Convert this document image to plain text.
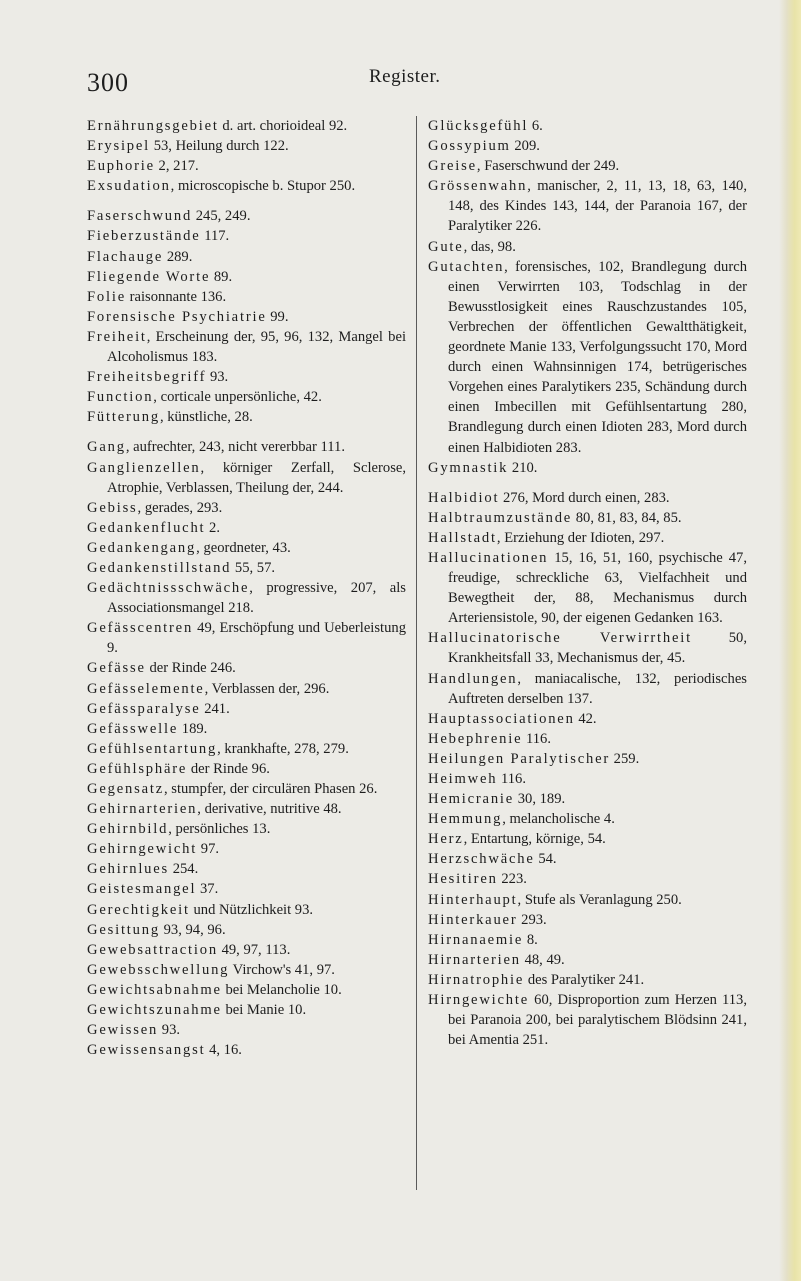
300	Register.
Ernährungsgebiet d. art. chorioideal 92.
Erysipel 53, Heilung durch 122.
Euphorie 2, 217.
Exsudation, microscopische b. Stupor 250.
Faserschwund 245, 249.
Fieberzustände 117.
Flachauge 289.
Fliegende Worte 89.
Folie raisonnante 136.
Forensische Psychiatrie 99.
Freiheit, Erscheinung der, 95, 96, 132, Mangel bei Alcoholismus 183.
Freiheitsbegriff 93.
Function, corticale unpersönliche, 42.
Fütterung, künstliche, 28.
Gang, aufrechter, 243, nicht vererbbar 111.
Ganglienzellen, körniger Zerfall, Sclerose, Atrophie, Verblassen, Theilung der, 244.
Gebiss, gerades, 293.
Gedankenflucht 2.
Gedankengang, geordneter, 43.
Gedankenstillstand 55, 57.
Gedächtnissschwäche, progressive, 207, als Associationsmangel 218.
Gefässcentren 49, Erschöpfung und Ueberleistung 9.
Gefässe der Rinde 246.
Gefässelemente, Verblassen der, 296.
Gefässparalyse 241.
Gefässwelle 189.
Gefühlsentartung, krankhafte, 278, 279.
Gefühlsphäre der Rinde 96.
Gegensatz, stumpfer, der circulären Phasen 26.
Gehirnarterien, derivative, nutritive 48.
Gehirnbild, persönliches 13.
Gehirngewicht 97.
Gehirnlues 254.
Geistesmangel 37.
Gerechtigkeit und Nützlichkeit 93.
Gesittung 93, 94, 96.
Gewebsattraction 49, 97, 113.
Gewebsschwellung Virchow's 41, 97.
Gewichtsabnahme bei Melancholie 10.
Gewichtszunahme bei Manie 10.
Gewissen 93.
Gewissensangst 4, 16.
Glücksgefühl 6.
Gossypium 209.
Greise, Faserschwund der 249.
Grössenwahn, manischer, 2, 11, 13, 18, 63, 140, 148, des Kindes 143, 144, der Paranoia 167, der Paralytiker 226.
Gute, das, 98.
Gutachten, forensisches, 102, Brandlegung durch einen Verwirrten 103, Todschlag in der Bewusstlosigkeit eines Rauschzustandes 105, Verbrechen der öffentlichen Gewaltthätigkeit, geordnete Manie 133, Verfolgungssucht 170, Mord durch einen Wahnsinnigen 174, betrügerisches Vorgehen eines Paralytikers 235, Schändung durch einen Imbecillen mit Gefühlsentartung 280, Brandlegung durch einen Idioten 283, Mord durch einen Halbidioten 283.
Gymnastik 210.
Halbidiot 276, Mord durch einen, 283.
Halbtraumzustände 80, 81, 83, 84, 85.
Hallstadt, Erziehung der Idioten, 297.
Hallucinationen 15, 16, 51, 160, psychische 47, freudige, schreckliche 63, Vielfachheit und Bewegtheit der, 88, Mechanismus durch Arteriensistole, 90, der eigenen Gedanken 163.
Hallucinatorische Verwirrtheit 50, Krankheitsfall 33, Mechanismus der, 45.
Handlungen, maniacalische, 132, periodisches Auftreten derselben 137.
Hauptassociationen 42.
Hebephrenie 116.
Heilungen Paralytischer 259.
Heimweh 116.
Hemicranie 30, 189.
Hemmung, melancholische 4.
Herz, Entartung, körnige, 54.
Herzschwäche 54.
Hesitiren 223.
Hinterhaupt, Stufe als Veranlagung 250.
Hinterkauer 293.
Hirnanaemie 8.
Hirnarterien 48, 49.
Hirnatrophie des Paralytiker 241.
Hirngewichte 60, Disproportion zum Herzen 113, bei Paranoia 200, bei paralytischem Blödsinn 241, bei Amentia 251.
